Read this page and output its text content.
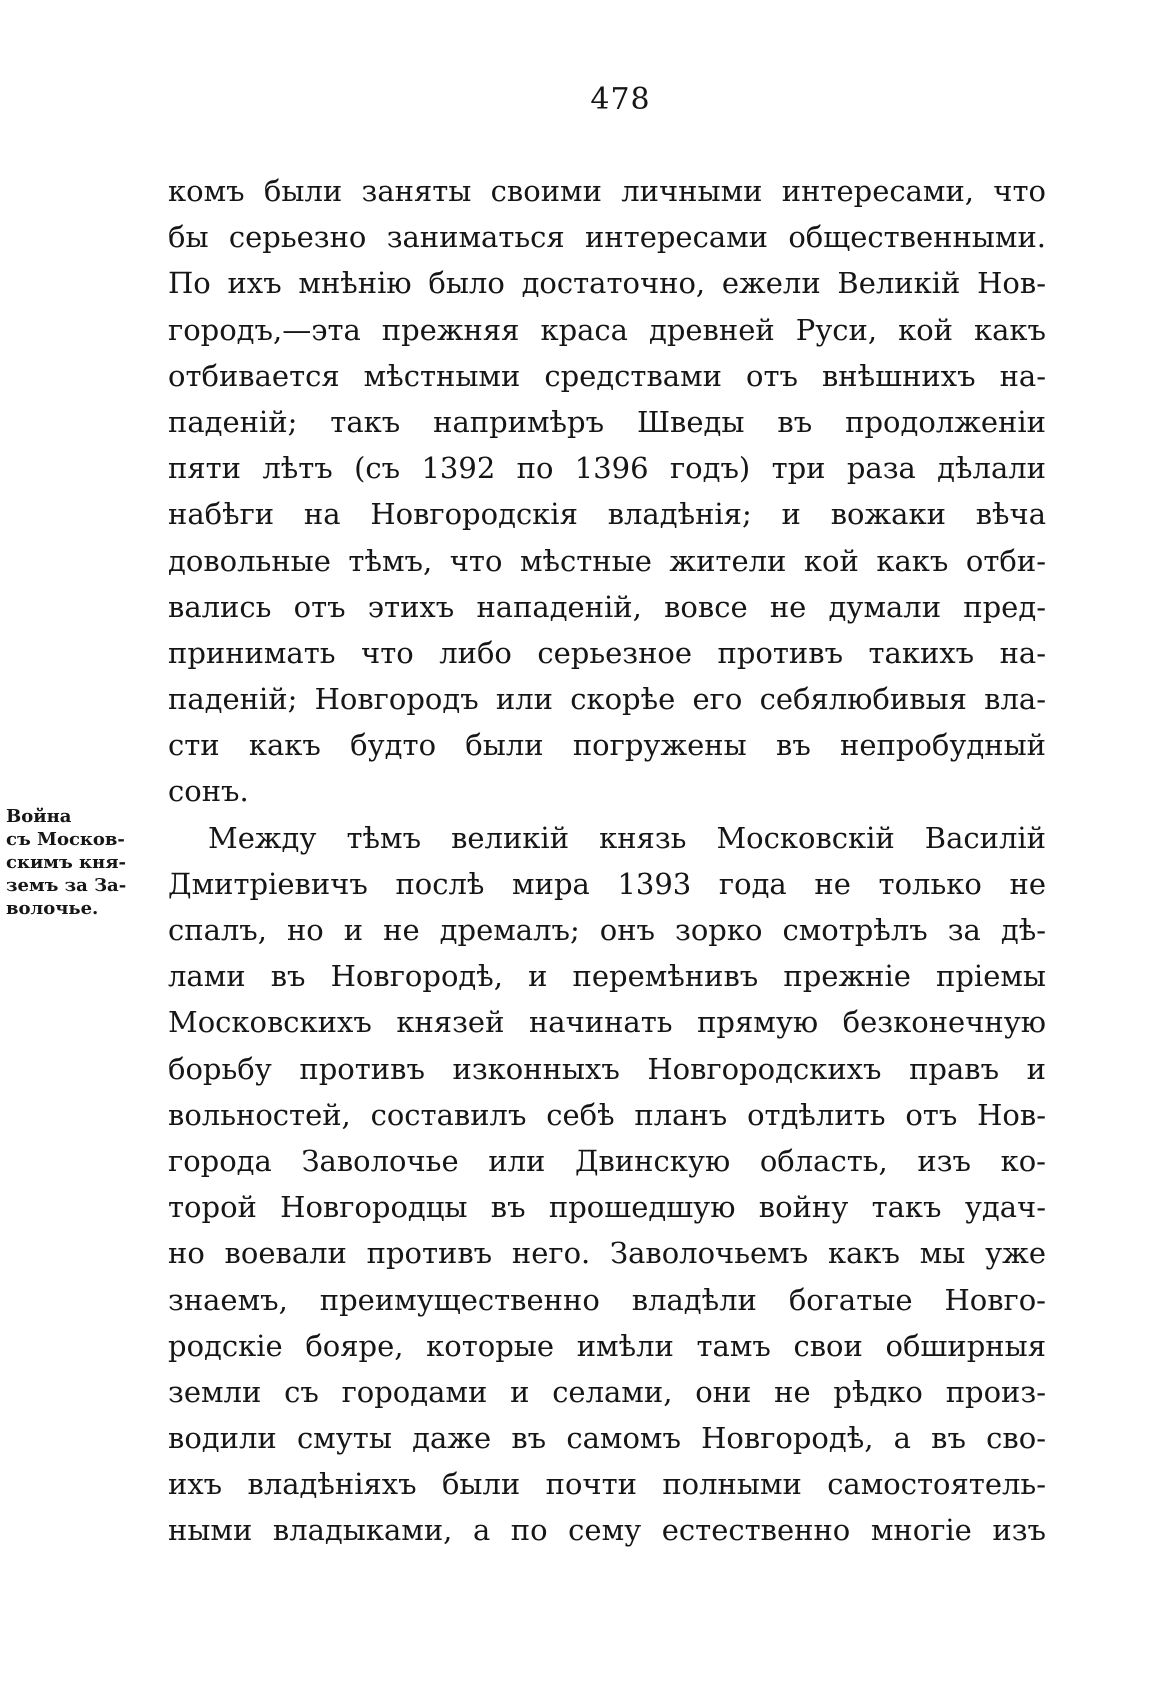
478
Война
съ Москов-
скимъ кня-
земъ за За-
волочье.
комъ были заняты своими личными интересами, что
бы серьезно заниматься интересами общественными.
По ихъ мнѣнію было достаточно, ежели Великій Нов-
городъ,—эта прежняя краса древней Руси, кой какъ
отбивается мѣстными средствами отъ внѣшнихъ на-
падeній; такъ напримѣръ Шведы въ продолженіи
пяти лѣтъ (съ 1392 по 1396 годъ) три раза дѣлали
набѣги на Новгородскія владѣнія; и вожаки вѣча
довольные тѣмъ, что мѣстные жители кой какъ отби-
вались отъ этихъ нападеній, вовсе не думали пред-
принимать что либо серьезное противъ такихъ на-
паденій; Новгородъ или скорѣе его себялюбивыя вла-
сти какъ будто были погружены въ непробудный
сонъ.
Между тѣмъ великій князь Московскій Василій
Дмитріевичъ послѣ мира 1393 года не только не
спалъ, но и не дремалъ; онъ зорко смотрѣлъ за дѣ-
лами въ Новгородѣ, и перемѣнивъ прежніе пріемы
Московскихъ князей начинать прямую безконечную
борьбу противъ изконныхъ Новгородскихъ правъ и
вольностей, составилъ себѣ планъ отдѣлить отъ Нов-
города Заволочье или Двинскую область, изъ ко-
торой Новгородцы въ прошедшую войну такъ удач-
но воевали противъ него. Заволочьемъ какъ мы уже
знаемъ, преимущественно владѣли богатые Новго-
родскіе бояре, которые имѣли тамъ свои обширныя
земли съ городами и селами, они не рѣдко произ-
водили смуты даже въ самомъ Новгородѣ, а въ сво-
ихъ владѣніяхъ были почти полными самостоятель-
ными владыками, а по сему естественно многіе изъ
